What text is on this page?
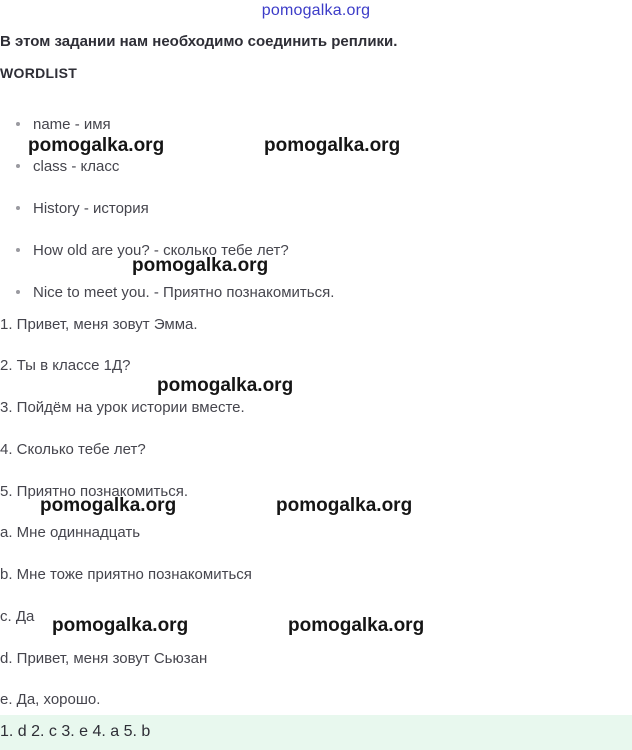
pomogalka.org
В этом задании нам необходимо соединить реплики.
WORDLIST
name - имя
class - класс
History - история
How old are you? - сколько тебе лет?
Nice to meet you. - Приятно познакомиться.
1. Привет, меня зовут Эмма.
2. Ты в классе 1Д?
3. Пойдём на урок истории вместе.
4. Сколько тебе лет?
5. Приятно познакомиться.
a. Мне одиннадцать
b. Мне тоже приятно познакомиться
c. Да
d. Привет, меня зовут Сьюзан
e. Да, хорошо.
1. d 2. c 3. e 4. a 5. b
pomogalka.org	pomogalka.org
pomogalka.org
pomogalka.org
pomogalka.org	pomogalka.org
pomogalka.org	pomogalka.org
